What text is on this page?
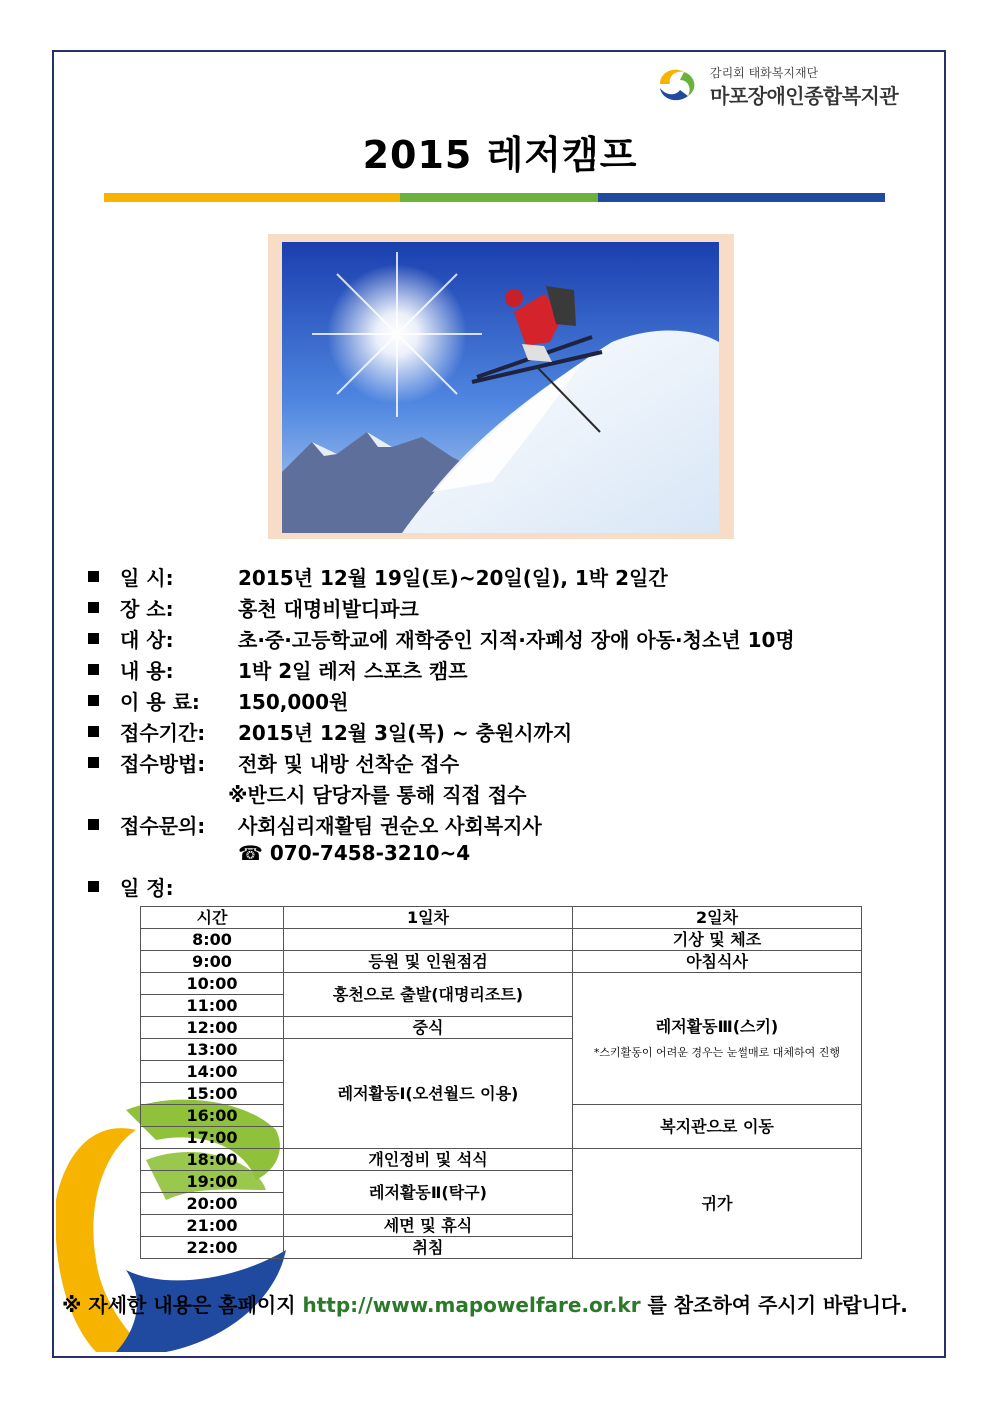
감리회 태화복지재단
마포장애인종합복지관
2015 레저캠프
일 시:	2015년 12월 19일(토)~20일(일), 1박 2일간
장 소:	홍천 대명비발디파크
대 상:	초·중·고등학교에 재학중인 지적·자폐성 장애 아동·청소년 10명
내 용:	1박 2일 레저 스포츠 캠프
이 용 료: 150,000원
접수기간: 2015년 12월 3일(목) ~ 충원시까지
접수방법: 전화 및 내방 선착순 접수
※반드시 담당자를 통해 직접 접수
접수문의: 사회심리재활팀 권순오 사회복지사
☎ 070-7458-3210~4
일 정:
시간	1일차	2일차
8:00		기상 및 체조
9:00	등원 및 인원점검	아침식사
10:00	홍천으로 출발(대명리조트)	레저활동Ⅲ(스키)
*스키활동이 어려운 경우는 눈썰매로 대체하여 진행

11:00		
12:00	중식	
13:00	레저활동Ⅰ(오션월드 이용)	
14:00		
15:00		
16:00		복지관으로 이동
17:00		
18:00	개인정비 및 석식	귀가
19:00	레저활동Ⅱ(탁구)	
20:00		
21:00	세면 및 휴식	
22:00	취침	
※ 자세한 내용은 홈페이지 http://www.mapowelfare.or.kr 를 참조하여 주시기 바랍니다.
